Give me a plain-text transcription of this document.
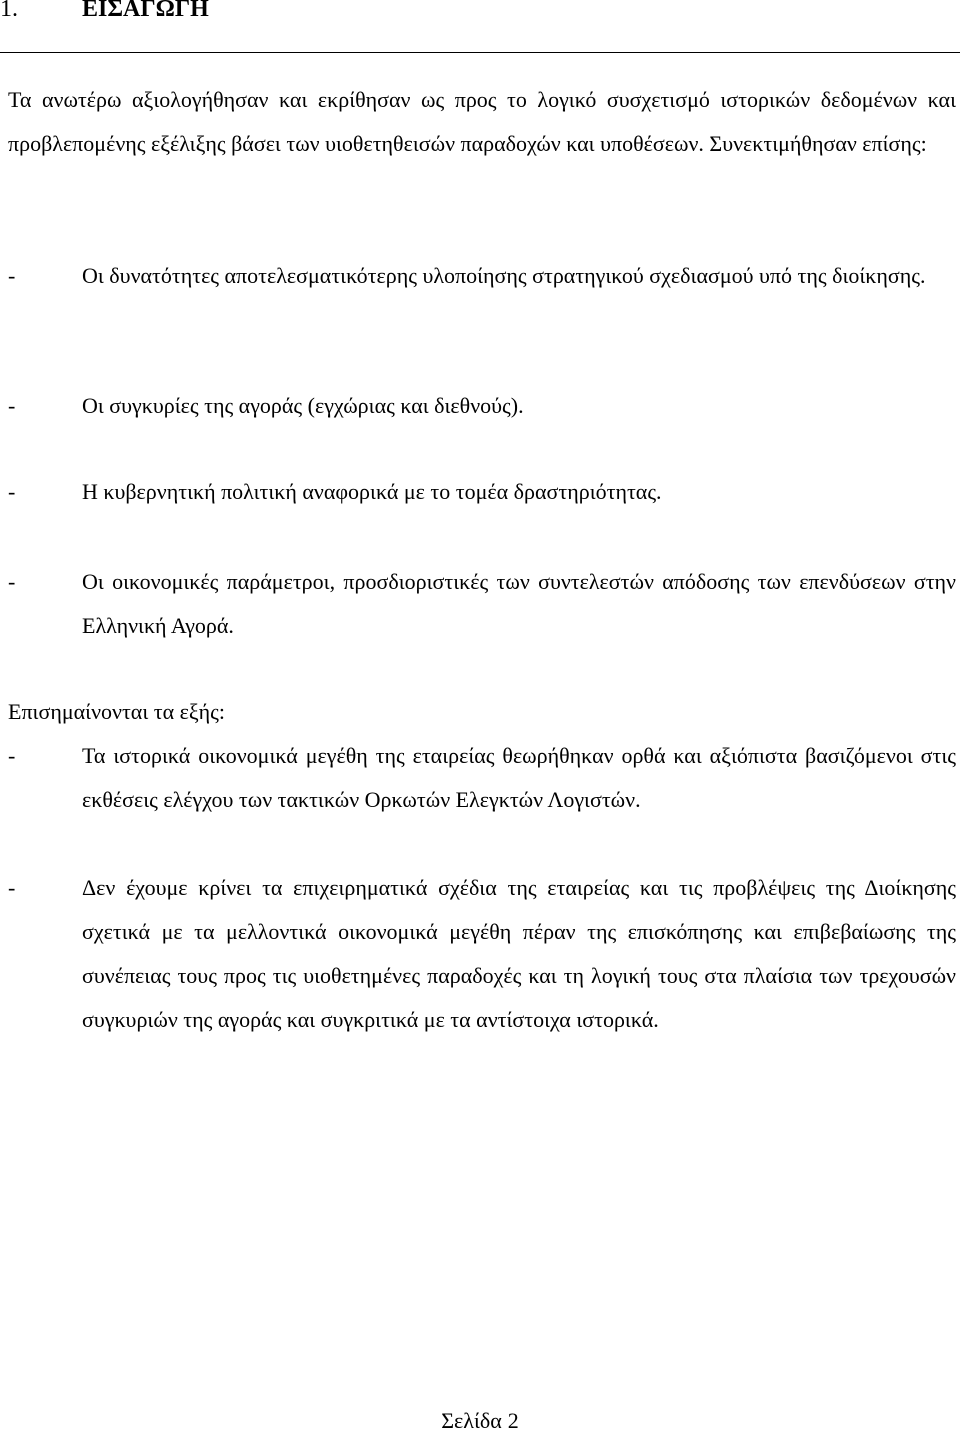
1.	ΕΙΣΑΓΩΓΗ

Τα ανωτέρω αξιολογήθησαν και εκρίθησαν ως προς το λογικό συσχετισμό ιστορικών δεδομένων και προβλεπομένης εξέλιξης βάσει των υιοθετηθεισών παραδοχών και υποθέσεων. Συνεκτιμήθησαν επίσης:

-	Οι δυνατότητες αποτελεσματικότερης υλοποίησης στρατηγικού σχεδιασμού υπό της διοίκησης.
-	Οι συγκυρίες της αγοράς (εγχώριας και διεθνούς).
-	Η κυβερνητική πολιτική αναφορικά με το τομέα δραστηριότητας.
-	Οι οικονομικές παράμετροι, προσδιοριστικές των συντελεστών απόδοσης των επενδύσεων στην Ελληνική Αγορά.

Επισημαίνονται τα εξής:

-	Τα ιστορικά οικονομικά μεγέθη της εταιρείας θεωρήθηκαν ορθά και αξιόπιστα βασιζόμενοι στις εκθέσεις ελέγχου των τακτικών Ορκωτών Ελεγκτών Λογιστών.
-	Δεν έχουμε κρίνει τα επιχειρηματικά σχέδια της εταιρείας και τις προβλέψεις της Διοίκησης σχετικά με τα μελλοντικά οικονομικά μεγέθη πέραν της επισκόπησης και επιβεβαίωσης της συνέπειας τους προς τις υιοθετημένες παραδοχές και τη λογική τους στα πλαίσια των τρεχουσών συγκυριών της αγοράς και συγκριτικά με τα αντίστοιχα ιστορικά.
Σελίδα 2
